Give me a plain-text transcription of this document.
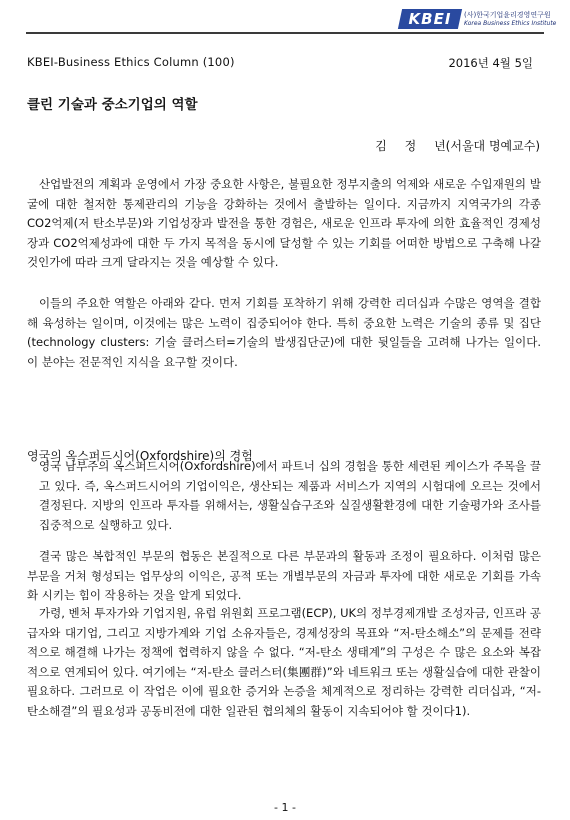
KBEI	(사)한국기업윤리경영연구원
Korea Business Ethics Institute
KBEI-Business Ethics Column (100)	2016년 4월 5일
클린 기술과 중소기업의 역할
김 정 년(서울대 명예교수)

산업발전의 계획과 운영에서 가장 중요한 사항은, 불필요한 정부지출의 억제와 새로운 수입재원의 발굴에 대한 철저한 통제관리의 기능을 강화하는 것에서 출발하는 일이다. 지금까지 지역국가의 각종 CO2억제(저 탄소부문)와 기업성장과 발전을 통한 경험은, 새로운 인프라 투자에 의한 효율적인 경제성장과 CO2억제성과에 대한 두 가지 목적을 동시에 달성할 수 있는 기회를 어떠한 방법으로 구축해 나갈 것인가에 따라 크게 달라지는 것을 예상할 수 있다.

이들의 주요한 역할은 아래와 같다. 먼저 기회를 포착하기 위해 강력한 리더십과 수많은 영역을 결합해 육성하는 일이며, 이것에는 많은 노력이 집중되어야 한다. 특히 중요한 노력은 기술의 종류 및 집단(technology clusters: 기술 클러스터=기술의 발생집단군)에 대한 뒷일들을 고려해 나가는 일이다. 이 분야는 전문적인 지식을 요구할 것이다.

영국의 옥스퍼드시어(Oxfordshire)의 경험

영국 남부주의 옥스퍼드시어(Oxfordshire)에서 파트너 십의 경험을 통한 세련된 케이스가 주목을 끌고 있다. 즉, 옥스퍼드시어의 기업이익은, 생산되는 제품과 서비스가 지역의 시험대에 오르는 것에서 결정된다. 지방의 인프라 투자를 위해서는, 생활실습구조와 실질생활환경에 대한 기술평가와 조사를 집중적으로 실행하고 있다.

결국 많은 복합적인 부문의 협동은 본질적으로 다른 부문과의 활동과 조정이 필요하다. 이처럼 많은 부문을 거쳐 형성되는 업무상의 이익은, 공적 또는 개별부문의 자금과 투자에 대한 새로운 기회를 가속화 시키는 힘이 작용하는 것을 알게 되었다.

가령, 벤처 투자가와 기업지원, 유럽 위원회 프로그램(ECP), UK의 정부경제개발 조성자금, 인프라 공급자와 대기업, 그리고 지방가계와 기업 소유자들은, 경제성장의 목표와 “저-탄소해소”의 문제를 전략적으로 해결해 나가는 정책에 협력하지 않을 수 없다. “저-탄소 생태계”의 구성은 수 많은 요소와 복잡적으로 연계되어 있다. 여기에는 “저-탄소 클러스터(集團群)”와 네트워크 또는 생활실습에 대한 관찰이 필요하다. 그러므로 이 작업은 이에 필요한 증거와 논증을 체계적으로 정리하는 강력한 리더십과, “저-탄소해결”의 필요성과 공동비전에 대한 일관된 협의체의 활동이 지속되어야 할 것이다1).

- 1 -
